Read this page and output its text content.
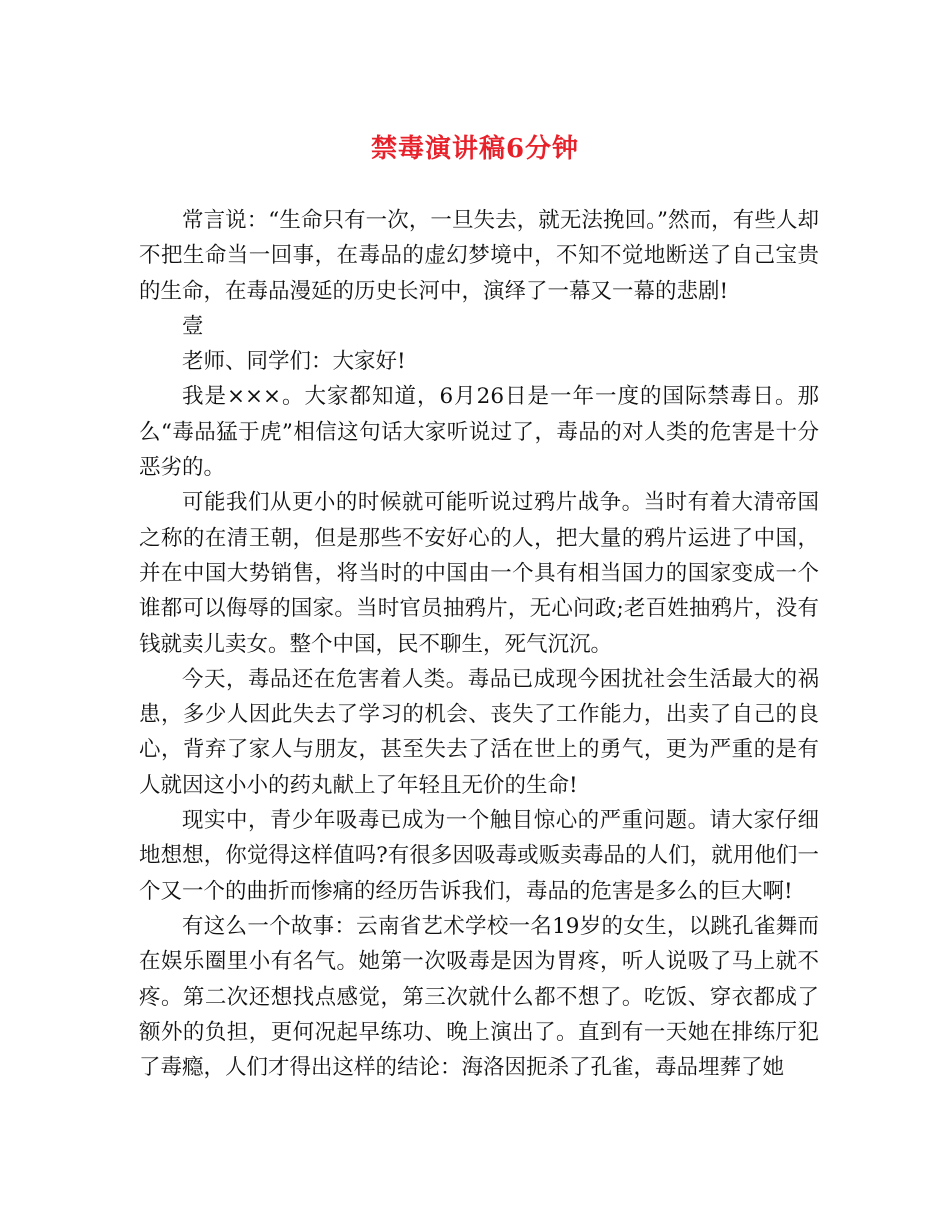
禁毒演讲稿6分钟

常言说：“生命只有一次，一旦失去，就无法挽回。”然而，有些人却不把生命当一回事，在毒品的虚幻梦境中，不知不觉地断送了自己宝贵的生命，在毒品漫延的历史长河中，演绎了一幕又一幕的悲剧!

壹

老师、同学们：大家好!

我是×××。大家都知道，6月26日是一年一度的国际禁毒日。那么“毒品猛于虎”相信这句话大家听说过了，毒品的对人类的危害是十分恶劣的。

可能我们从更小的时候就可能听说过鸦片战争。当时有着大清帝国之称的在清王朝，但是那些不安好心的人，把大量的鸦片运进了中国，并在中国大势销售，将当时的中国由一个具有相当国力的国家变成一个谁都可以侮辱的国家。当时官员抽鸦片，无心问政;老百姓抽鸦片，没有钱就卖儿卖女。整个中国，民不聊生，死气沉沉。

今天，毒品还在危害着人类。毒品已成现今困扰社会生活最大的祸患，多少人因此失去了学习的机会、丧失了工作能力，出卖了自己的良心，背弃了家人与朋友，甚至失去了活在世上的勇气，更为严重的是有人就因这小小的药丸献上了年轻且无价的生命!

现实中，青少年吸毒已成为一个触目惊心的严重问题。请大家仔细地想想，你觉得这样值吗?有很多因吸毒或贩卖毒品的人们，就用他们一个又一个的曲折而惨痛的经历告诉我们，毒品的危害是多么的巨大啊!

有这么一个故事：云南省艺术学校一名19岁的女生，以跳孔雀舞而在娱乐圈里小有名气。她第一次吸毒是因为胃疼，听人说吸了马上就不疼。第二次还想找点感觉，第三次就什么都不想了。吃饭、穿衣都成了额外的负担，更何况起早练功、晚上演出了。直到有一天她在排练厅犯了毒瘾，人们才得出这样的结论：海洛因扼杀了孔雀，毒品埋葬了她
